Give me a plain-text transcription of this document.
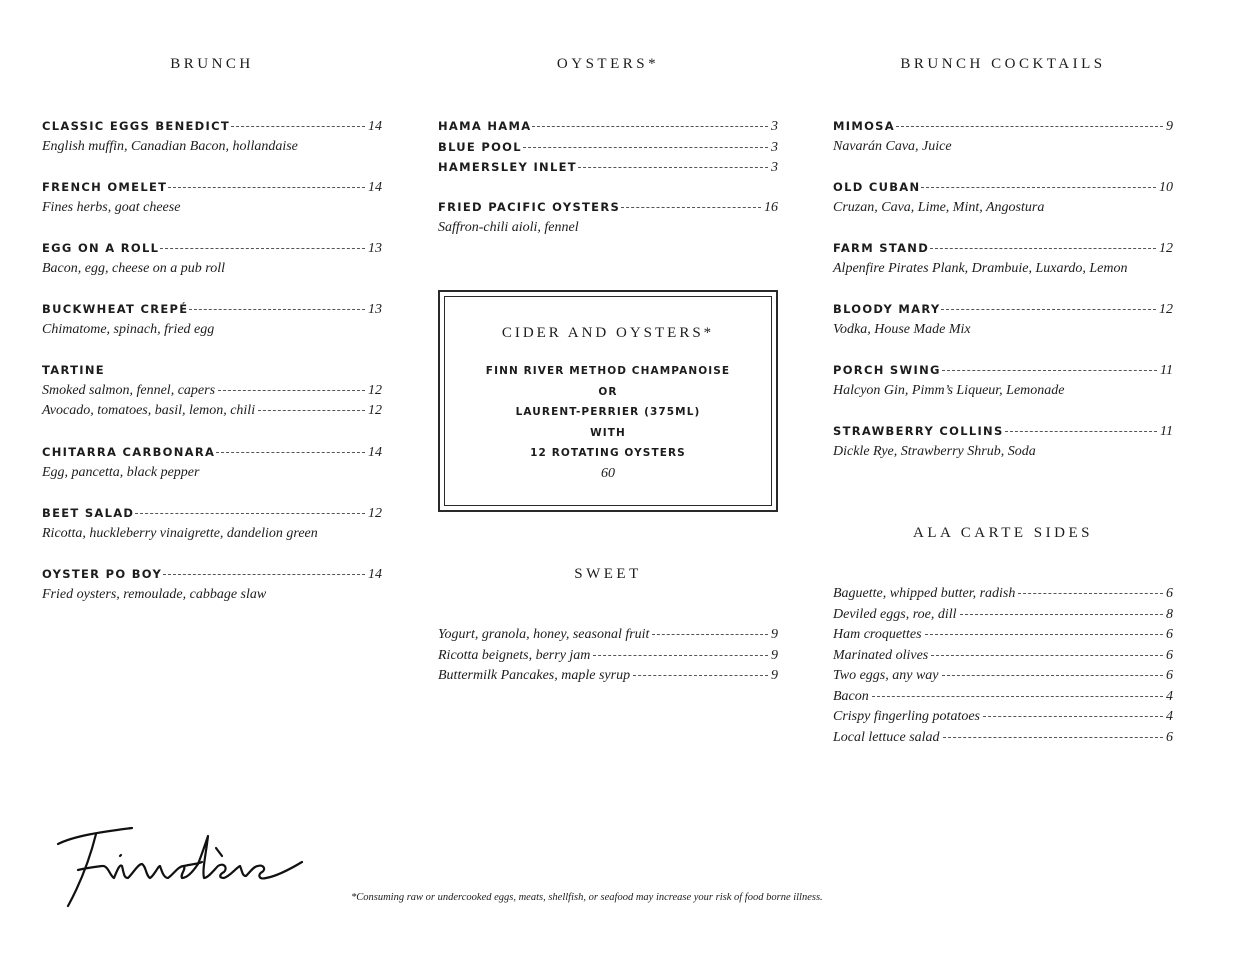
BRUNCH
CLASSIC EGGS BENEDICT	14
English muffin, Canadian Bacon, hollandaise
FRENCH OMELET	14
Fines herbs, goat cheese
EGG ON A ROLL	13
Bacon, egg, cheese on a pub roll
BUCKWHEAT CREPÉ	13
Chimatome, spinach, fried egg
TARTINE
Smoked salmon, fennel, capers	12
Avocado, tomatoes, basil, lemon, chili	12
CHITARRA CARBONARA	14
Egg, pancetta, black pepper
BEET SALAD	12
Ricotta, huckleberry vinaigrette, dandelion green
OYSTER PO BOY	14
Fried oysters, remoulade, cabbage slaw
OYSTERS*
HAMA HAMA	3
BLUE POOL	3
HAMERSLEY INLET	3
FRIED PACIFIC OYSTERS	16
Saffron-chili aioli, fennel
CIDER AND OYSTERS*
FINN RIVER METHOD CHAMPANOISE
OR
LAURENT-PERRIER (375ML)
WITH
12 ROTATING OYSTERS
60
SWEET
Yogurt, granola, honey, seasonal fruit	9
Ricotta beignets, berry jam	9
Buttermilk Pancakes, maple syrup	9
BRUNCH COCKTAILS
MIMOSA	9
Navarán Cava, Juice
OLD CUBAN	10
Cruzan, Cava, Lime, Mint, Angostura
FARM STAND	12
Alpenfire Pirates Plank, Drambuie, Luxardo, Lemon
BLOODY MARY	12
Vodka, House Made Mix
PORCH SWING	11
Halcyon Gin, Pimm’s Liqueur, Lemonade
STRAWBERRY COLLINS	11
Dickle Rye, Strawberry Shrub, Soda
ALA CARTE SIDES
Baguette, whipped butter, radish	6
Deviled eggs, roe, dill	8
Ham croquettes	6
Marinated olives	6
Two eggs, any way	6
Bacon	4
Crispy fingerling potatoes	4
Local lettuce salad	6
*Consuming raw or undercooked eggs, meats, shellfish, or seafood may increase your risk of food borne illness.
